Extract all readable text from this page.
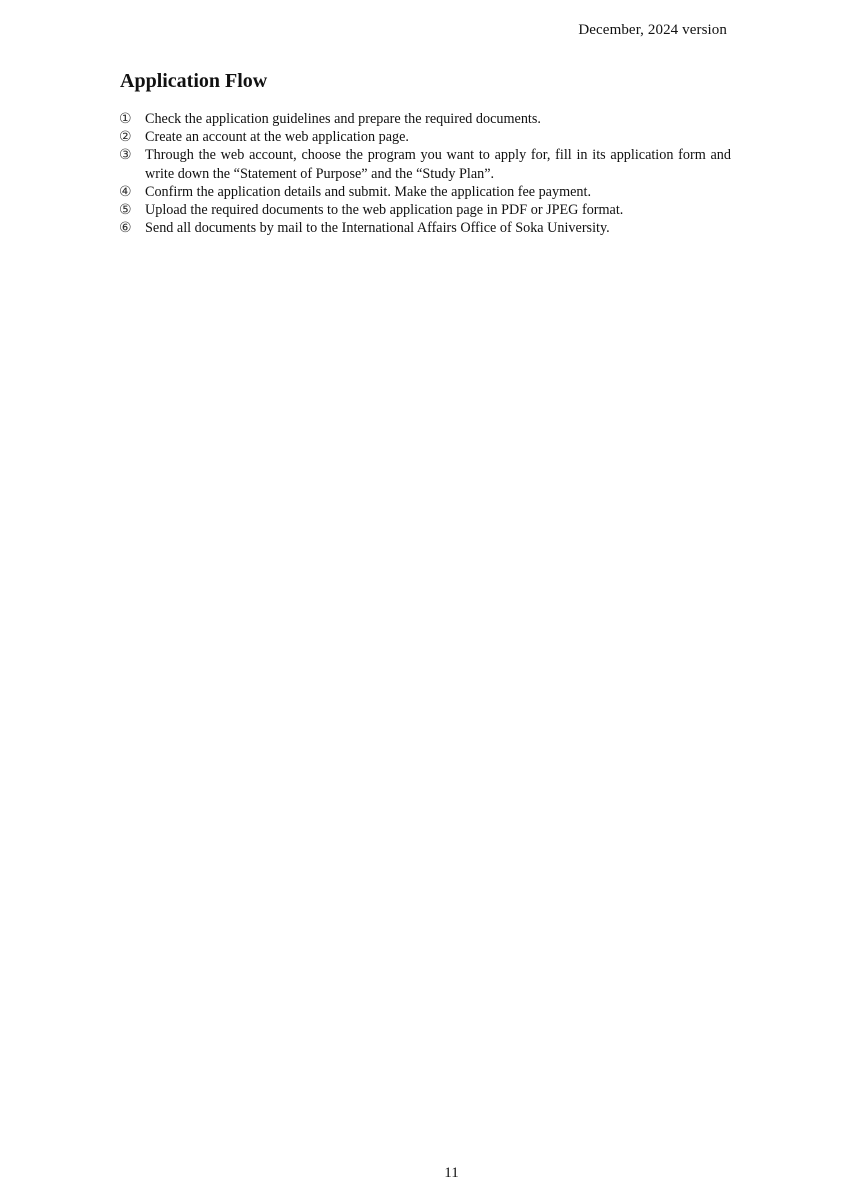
December, 2024 version
Application Flow
① Check the application guidelines and prepare the required documents.
② Create an account at the web application page.
③ Through the web account, choose the program you want to apply for, fill in its application form and write down the “Statement of Purpose” and the “Study Plan”.
④ Confirm the application details and submit. Make the application fee payment.
⑤ Upload the required documents to the web application page in PDF or JPEG format.
⑥ Send all documents by mail to the International Affairs Office of Soka University.
11
